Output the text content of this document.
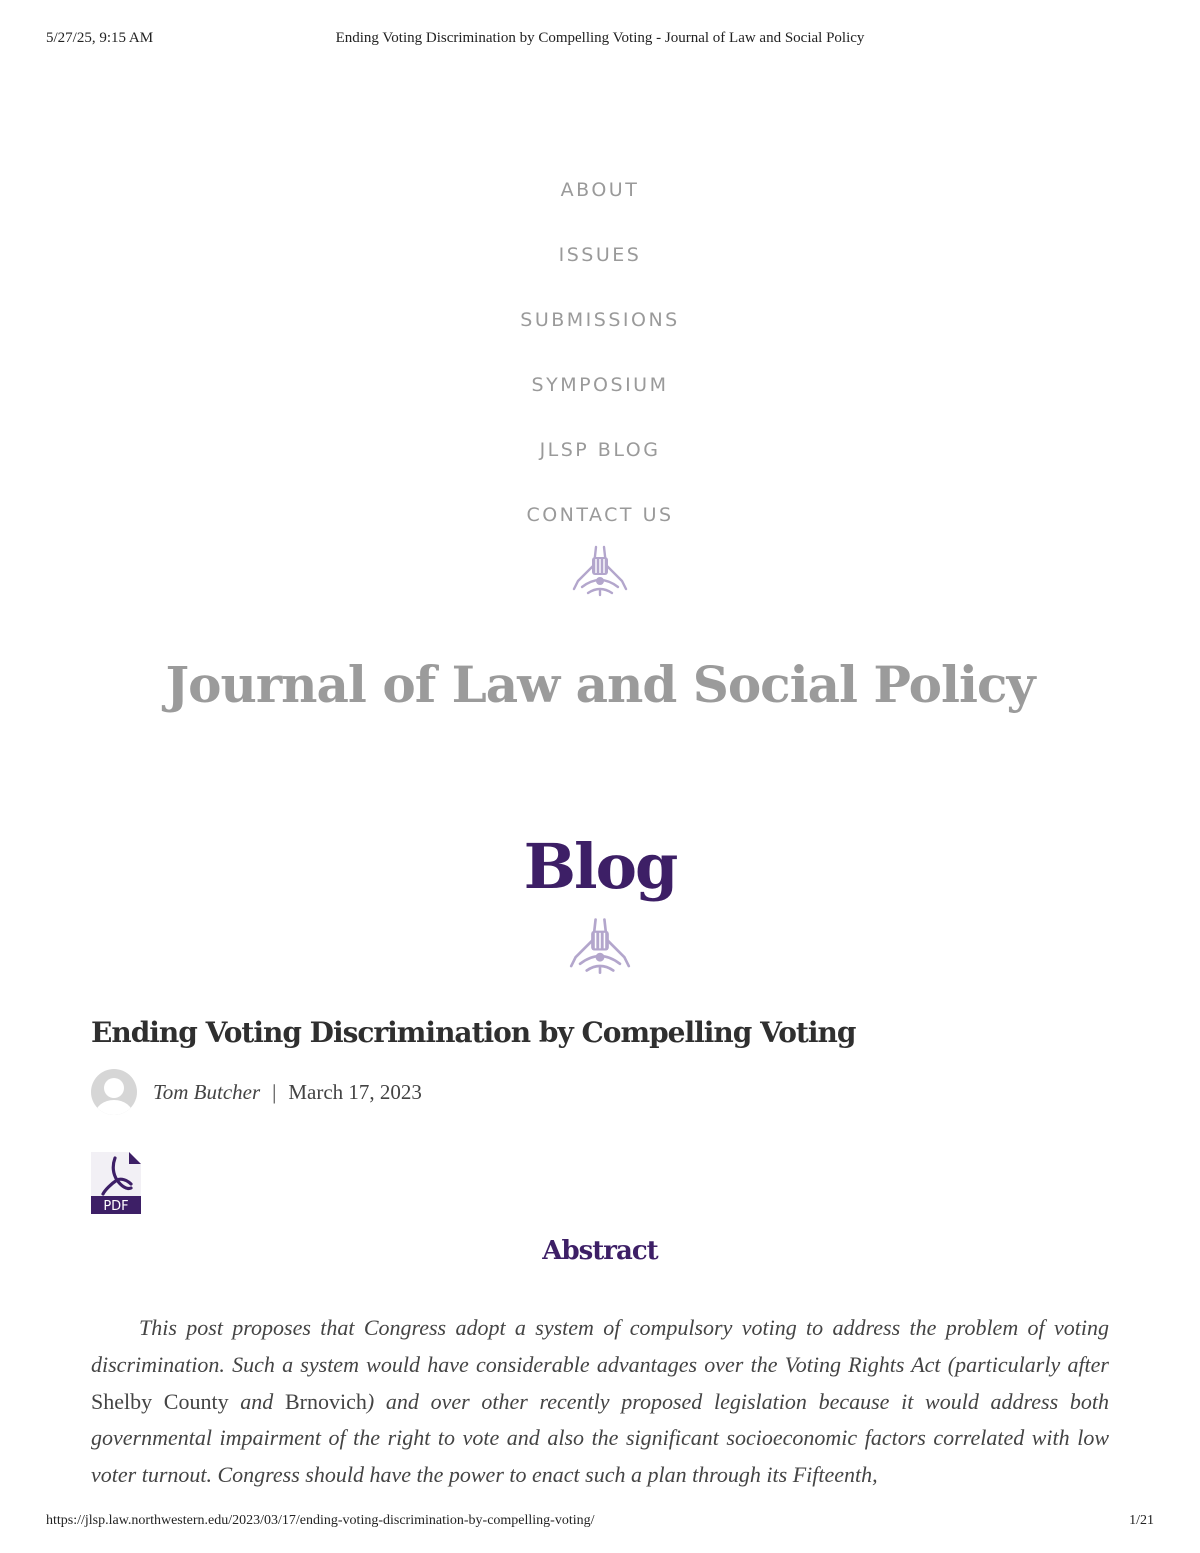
5/27/25, 9:15 AM	Ending Voting Discrimination by Compelling Voting - Journal of Law and Social Policy
ABOUT
ISSUES
SUBMISSIONS
SYMPOSIUM
JLSP BLOG
CONTACT US
Journal of Law and Social Policy
Blog
Ending Voting Discrimination by Compelling Voting
Tom Butcher | March 17, 2023
PDF
Abstract

This post proposes that Congress adopt a system of compulsory voting to address the problem of voting discrimination. Such a system would have considerable advantages over the Voting Rights Act (particularly after Shelby County and Brnovich) and over other recently proposed legislation because it would address both governmental impairment of the right to vote and also the significant socioeconomic factors correlated with low voter turnout. Congress should have the power to enact such a plan through its Fifteenth,

https://jlsp.law.northwestern.edu/2023/03/17/ending-voting-discrimination-by-compelling-voting/	1/21
